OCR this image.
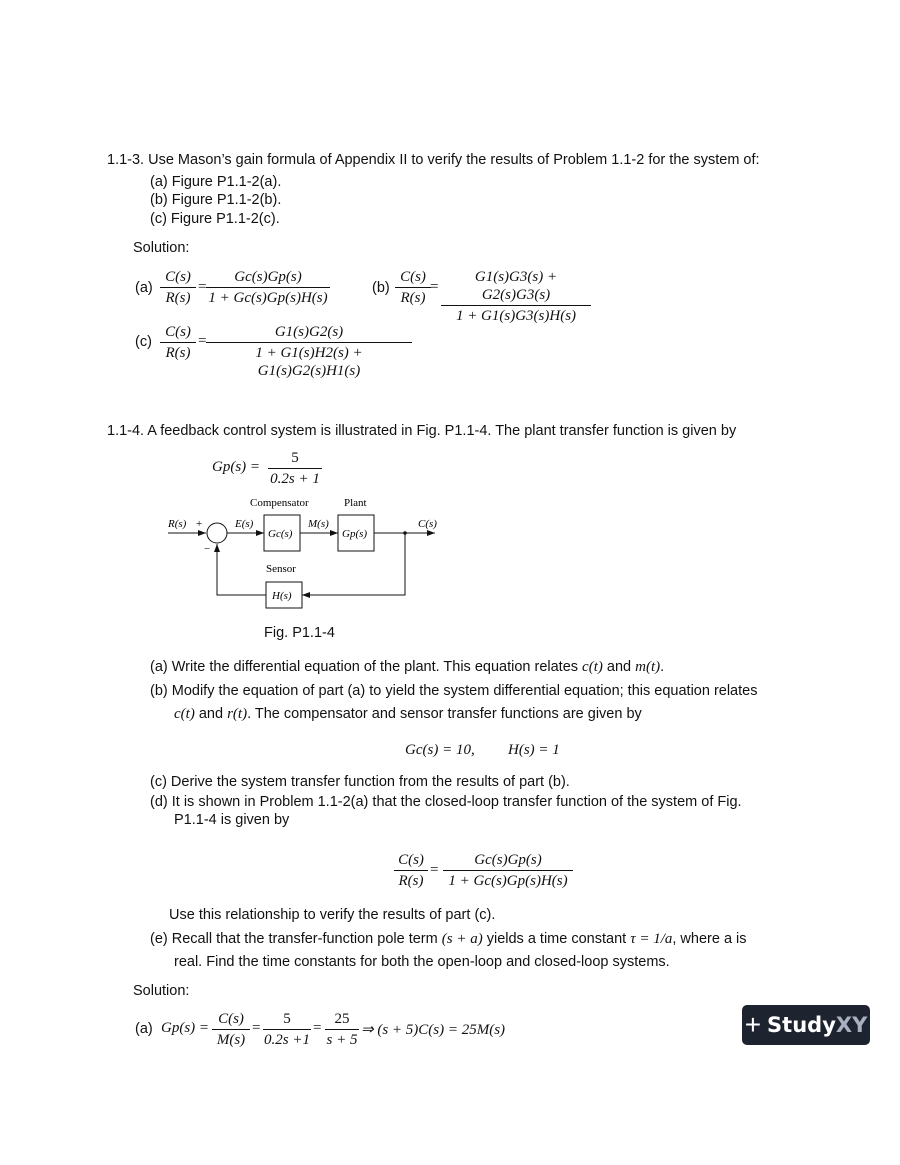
1.1-3. Use Mason’s gain formula of Appendix II to verify the results of Problem 1.1-2 for the system of:
(a) Figure P1.1-2(a).
(b) Figure P1.1-2(b).
(c) Figure P1.1-2(c).
Solution:
(a)
C(s)
R(s)
=
Gc(s)Gp(s)
1 + Gc(s)Gp(s)H(s)
(b)
C(s)
R(s)
=
G1(s)G3(s) + G2(s)G3(s)
1 + G1(s)G3(s)H(s)
(c)
C(s)
R(s)
=
G1(s)G2(s)
1 + G1(s)H2(s) + G1(s)G2(s)H1(s)
1.1-4. A feedback control system is illustrated in Fig. P1.1-4. The plant transfer function is given by
Gp(s) =
5
0.2s + 1
Compensator	Plant
R(s) +
−
E(s)	M(s)	C(s)
Gc(s)	Gp(s)
Sensor
H(s)
Fig. P1.1-4
(a) Write the differential equation of the plant. This equation relates c(t) and m(t).
(b) Modify the equation of part (a) to yield the system differential equation; this equation relates
c(t) and r(t). The compensator and sensor transfer functions are given by
Gc(s) = 10, H(s) = 1
(c) Derive the system transfer function from the results of part (b).
(d) It is shown in Problem 1.1-2(a) that the closed-loop transfer function of the system of Fig.
P1.1-4 is given by
C(s)
R(s)
=
Gc(s)Gp(s)
1 + Gc(s)Gp(s)H(s)
Use this relationship to verify the results of part (c).
(e) Recall that the transfer-function pole term (s + a) yields a time constant τ = 1/a, where a is
real. Find the time constants for both the open-loop and closed-loop systems.
Solution:
(a) Gp(s) =
C(s)
M(s)
=
5
0.2s +1
=
25
s + 5
⇒ (s + 5)C(s) = 25M(s)	+ Study XY
